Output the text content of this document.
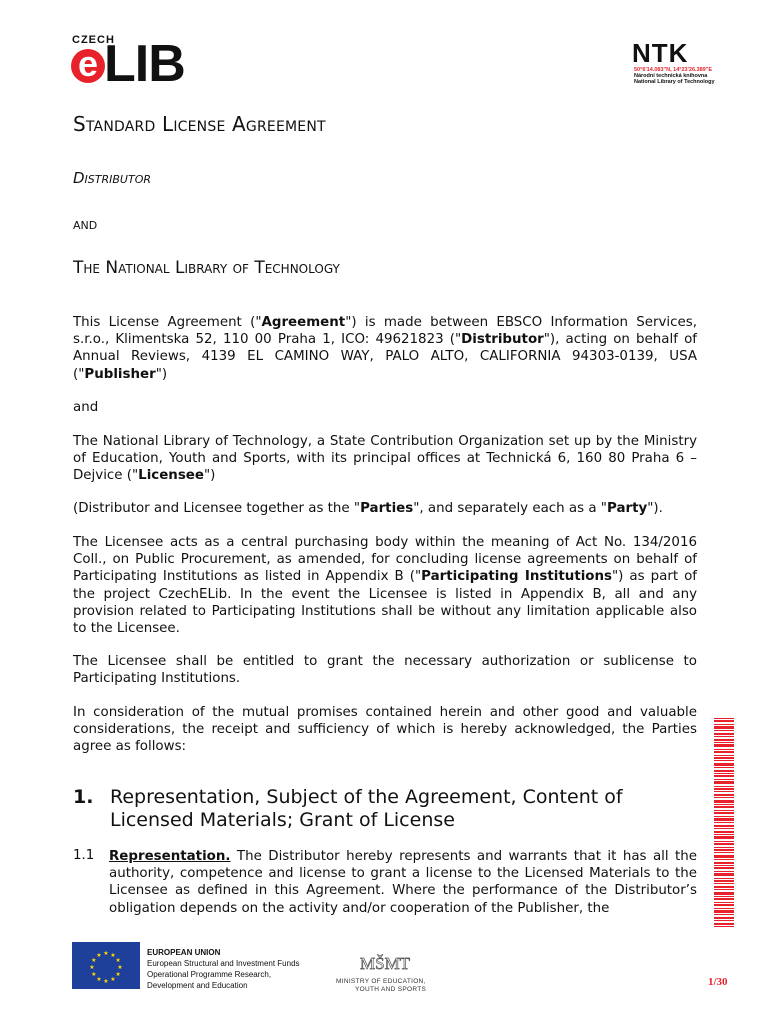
CZECH
e LIB	NTK
50°6'14.083"N, 14°23'26.389"E
Národní technická knihovna
National Library of Technology
Standard License Agreement
Distributor
and
The National Library of Technology
This License Agreement ("Agreement") is made between EBSCO Information Services, s.r.o., Klimentska 52, 110 00 Praha 1, ICO: 49621823 ("Distributor"), acting on behalf of Annual Reviews, 4139 EL CAMINO WAY, PALO ALTO, CALIFORNIA 94303-0139, USA ("Publisher")
and
The National Library of Technology, a State Contribution Organization set up by the Ministry of Education, Youth and Sports, with its principal offices at Technická 6, 160 80 Praha 6 – Dejvice ("Licensee")
(Distributor and Licensee together as the "Parties", and separately each as a "Party").
The Licensee acts as a central purchasing body within the meaning of Act No. 134/2016 Coll., on Public Procurement, as amended, for concluding license agreements on behalf of Participating Institutions as listed in Appendix B ("Participating Institutions") as part of the project CzechELib. In the event the Licensee is listed in Appendix B, all and any provision related to Participating Institutions shall be without any limitation applicable also to the Licensee.
The Licensee shall be entitled to grant the necessary authorization or sublicense to Participating Institutions.
In consideration of the mutual promises contained herein and other good and valuable considerations, the receipt and sufficiency of which is hereby acknowledged, the Parties agree as follows:
1. Representation, Subject of the Agreement, Content of Licensed Materials; Grant of License
1.1 Representation. The Distributor hereby represents and warrants that it has all the authority, competence and license to grant a license to the Licensed Materials to the Licensee as defined in this Agreement. Where the performance of the Distributor’s obligation depends on the activity and/or cooperation of the Publisher, the
★
★
★
★
★
★
★
★
★ ★ ★
★
EUROPEAN UNION
European Structural and Investment Funds
Operational Programme Research,
Development and Education
MŠMT
MINISTRY OF EDUCATION,
YOUTH AND SPORTS
1/30
